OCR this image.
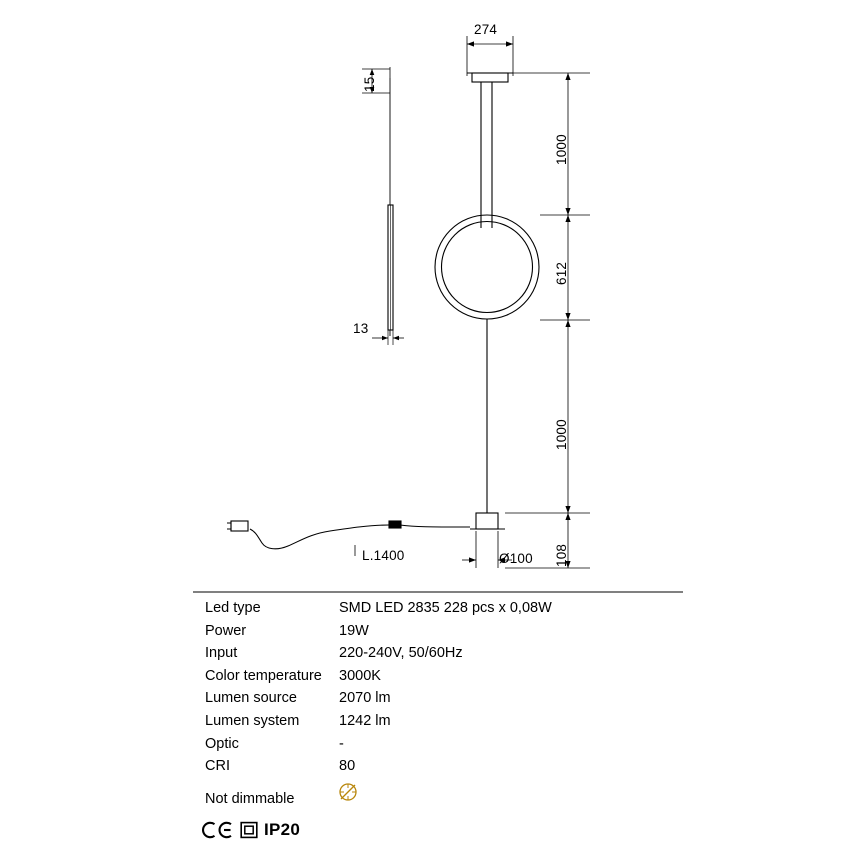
274
15
13
1000
612
1000
108
Ø100
L.1400
Led type	SMD LED 2835 228 pcs x 0,08W
Power	19W
Input	220-240V, 50/60Hz
Color temperature	3000K
Lumen source	2070 lm
Lumen system	1242 lm
Optic	-
CRI	80
Not dimmable
IP20
